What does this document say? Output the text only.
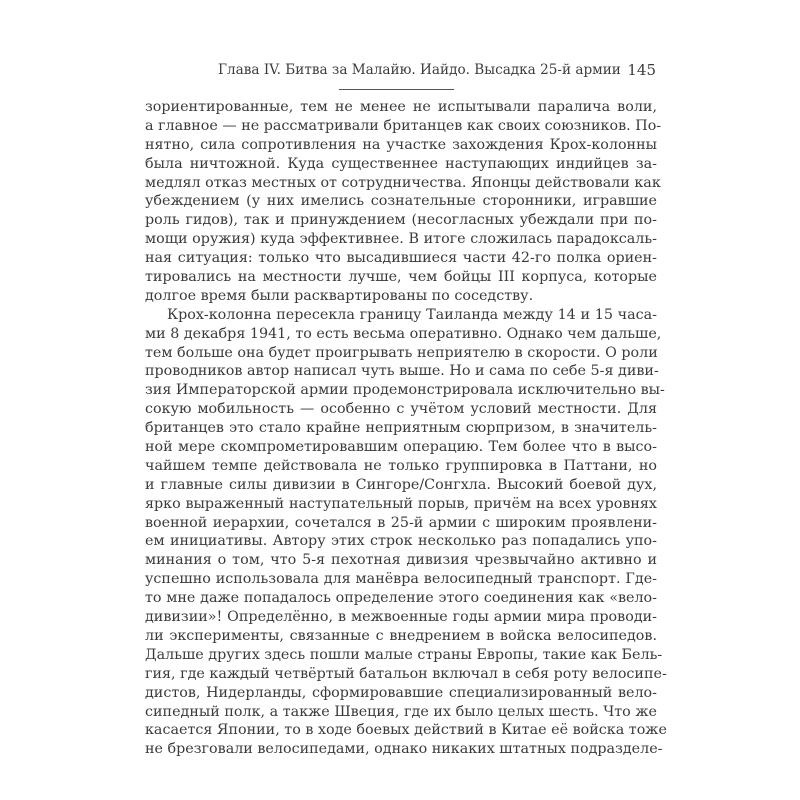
Глава IV. Битва за Малайю. Иайдо. Высадка 25-й армии 145
зориентированные, тем не менее не испытывали паралича воли,
а главное — не рассматривали британцев как своих союзников. По-
нятно, сила сопротивления на участке захождения Крох-колонны
была ничтожной. Куда существеннее наступающих индийцев за-
медлял отказ местных от сотрудничества. Японцы действовали как
убеждением (у них имелись сознательные сторонники, игравшие
роль гидов), так и принуждением (несогласных убеждали при по-
мощи оружия) куда эффективнее. В итоге сложилась парадоксаль-
ная ситуация: только что высадившиеся части 42-го полка ориен-
тировались на местности лучше, чем бойцы III корпуса, которые
долгое время были расквартированы по соседству.
Крох-колонна пересекла границу Таиланда между 14 и 15 часа-
ми 8 декабря 1941, то есть весьма оперативно. Однако чем дальше,
тем больше она будет проигрывать неприятелю в скорости. О роли
проводников автор написал чуть выше. Но и сама по себе 5-я диви-
зия Императорской армии продемонстрировала исключительно вы-
сокую мобильность — особенно с учётом условий местности. Для
британцев это стало крайне неприятным сюрпризом, в значитель-
ной мере скомпрометировавшим операцию. Тем более что в высо-
чайшем темпе действовала не только группировка в Паттани, но
и главные силы дивизии в Сингоре/Сонгхла. Высокий боевой дух,
ярко выраженный наступательный порыв, причём на всех уровнях
военной иерархии, сочетался в 25-й армии с широким проявлени-
ем инициативы. Автору этих строк несколько раз попадались упо-
минания о том, что 5-я пехотная дивизия чрезвычайно активно и
успешно использовала для манёвра велосипедный транспорт. Где-
то мне даже попадалось определение этого соединения как «вело-
дивизии»! Определённо, в межвоенные годы армии мира проводи-
ли эксперименты, связанные с внедрением в войска велосипедов.
Дальше других здесь пошли малые страны Европы, такие как Бель-
гия, где каждый четвёртый батальон включал в себя роту велосипе-
дистов, Нидерланды, сформировавшие специализированный вело-
сипедный полк, а также Швеция, где их было целых шесть. Что же
касается Японии, то в ходе боевых действий в Китае её войска тоже
не брезговали велосипедами, однако никаких штатных подразделе-
